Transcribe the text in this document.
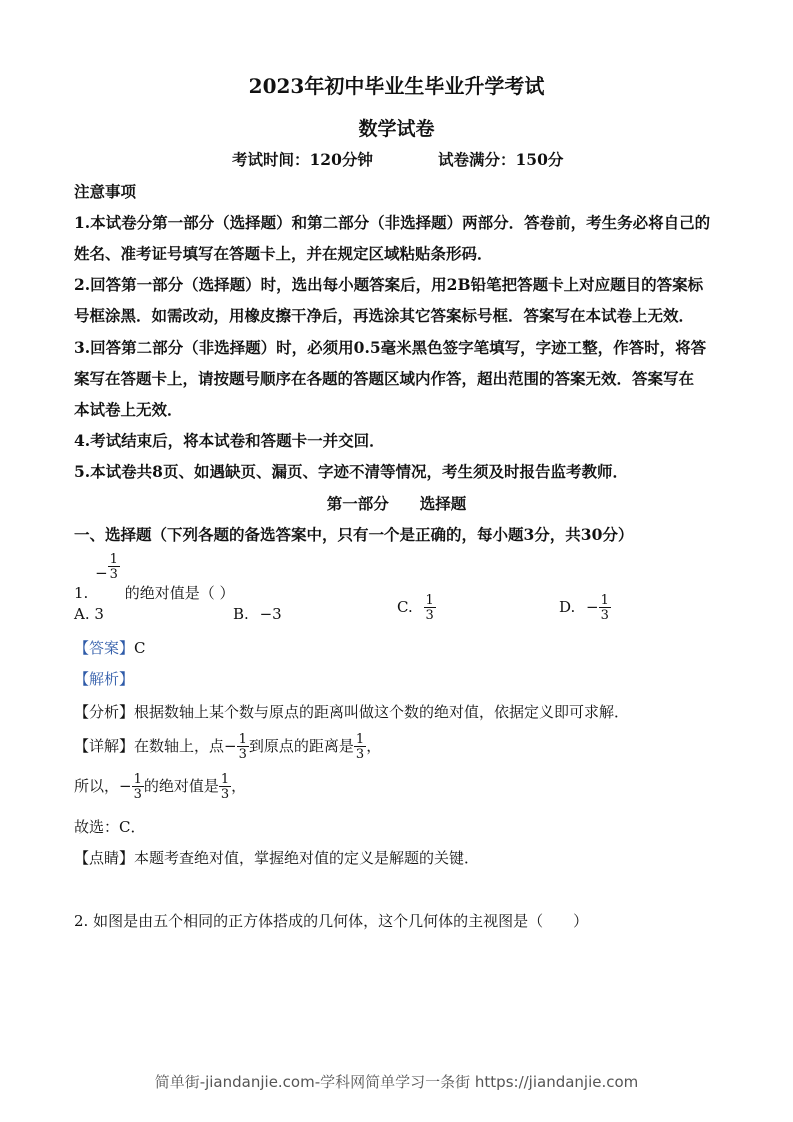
2023年初中毕业生毕业升学考试
数学试卷
考试时间：120分钟	试卷满分：150分
注意事项
1.本试卷分第一部分（选择题）和第二部分（非选择题）两部分．答卷前，考生务必将自己的
姓名、准考证号填写在答题卡上，并在规定区域粘贴条形码．
2.回答第一部分（选择题）时，选出每小题答案后，用2B铅笔把答题卡上对应题目的答案标
号框涂黑．如需改动，用橡皮擦干净后，再选涂其它答案标号框．答案写在本试卷上无效．
3.回答第二部分（非选择题）时，必须用0.5毫米黑色签字笔填写，字迹工整，作答时，将答
案写在答题卡上，请按题号顺序在各题的答题区域内作答，超出范围的答案无效．答案写在
本试卷上无效．
4.考试结束后，将本试卷和答题卡一并交回．
5.本试卷共8页、如遇缺页、漏页、字迹不清等情况，考生须及时报告监考教师．
第一部分　　选择题
一、选择题（下列各题的备选答案中，只有一个是正确的，每小题3分，共30分）
1. − $\frac{1}{3}$
的绝对值是（ ）
A. 3	B. −3	C. $\frac{1}{3}$	D. − $\frac{1}{3}$
【答案】C
【解析】
【分析】根据数轴上某个数与原点的距离叫做这个数的绝对值，依据定义即可求解．
【详解】在数轴上，点− $\frac{1}{3}$ 到原点的距离是 $\frac{1}{3}$ ，
所以，− $\frac{1}{3}$ 的绝对值是 $\frac{1}{3}$ ，
故选：C．
【点睛】本题考查绝对值，掌握绝对值的定义是解题的关键．
2. 如图是由五个相同的正方体搭成的几何体，这个几何体的主视图是（　　）
简单街-jiandanjie.com-学科网简单学习一条街 https://jiandanjie.com
